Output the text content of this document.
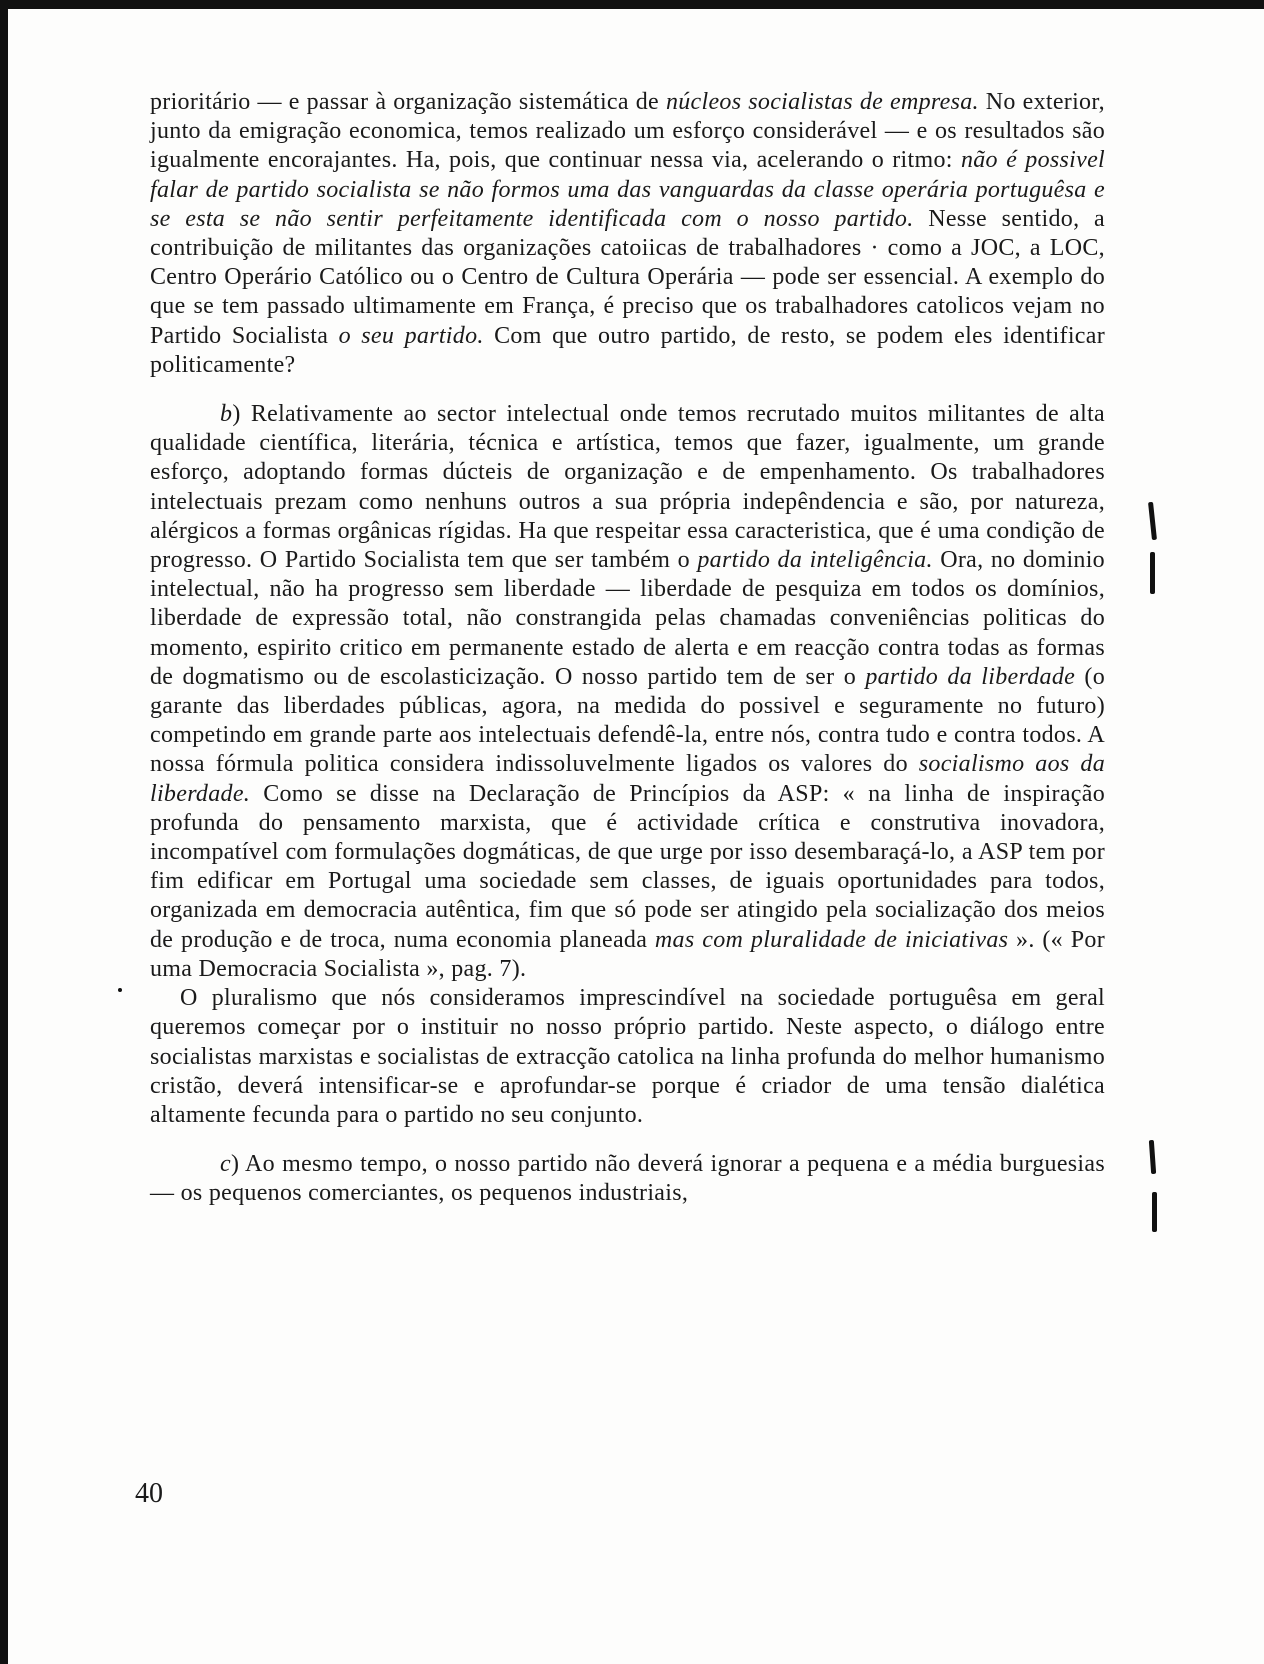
prioritário — e passar à organização sistemática de núcleos socialistas de empresa. No exterior, junto da emigração economica, temos realizado um esforço considerável — e os resultados são igualmente encorajantes. Ha, pois, que continuar nessa via, acelerando o ritmo: não é possivel falar de partido socialista se não formos uma das vanguardas da classe operária portuguêsa e se esta se não sentir perfeitamente identificada com o nosso partido. Nesse sentido, a contribuição de militantes das organizações catoiicas de trabalhadores · como a JOC, a LOC, Centro Operário Católico ou o Centro de Cultura Operária — pode ser essencial. A exemplo do que se tem passado ultimamente em França, é preciso que os trabalhadores catolicos vejam no Partido Socialista o seu partido. Com que outro partido, de resto, se podem eles identificar politicamente?

b) Relativamente ao sector intelectual onde temos recrutado muitos militantes de alta qualidade científica, literária, técnica e artística, temos que fazer, igualmente, um grande esforço, adoptando formas dúcteis de organização e de empenhamento. Os trabalhadores intelectuais prezam como nenhuns outros a sua própria indepêndencia e são, por natureza, alérgicos a formas orgânicas rígidas. Ha que respeitar essa caracteristica, que é uma condição de progresso. O Partido Socialista tem que ser também o partido da inteligência. Ora, no dominio intelectual, não ha progresso sem liberdade — liberdade de pesquiza em todos os domínios, liberdade de expressão total, não constrangida pelas chamadas conveniências politicas do momento, espirito critico em permanente estado de alerta e em reacção contra todas as formas de dogmatismo ou de escolasticização. O nosso partido tem de ser o partido da liberdade (o garante das liberdades públicas, agora, na medida do possivel e seguramente no futuro) competindo em grande parte aos intelectuais defendê-la, entre nós, contra tudo e contra todos. A nossa fórmula politica considera indissoluvelmente ligados os valores do socialismo aos da liberdade. Como se disse na Declaração de Princípios da ASP: « na linha de inspiração profunda do pensamento marxista, que é actividade crítica e construtiva inovadora, incompatível com formulações dogmáticas, de que urge por isso desembaraçá-lo, a ASP tem por fim edificar em Portugal uma sociedade sem classes, de iguais oportunidades para todos, organizada em democracia autêntica, fim que só pode ser atingido pela socialização dos meios de produção e de troca, numa economia planeada mas com pluralidade de iniciativas ». (« Por uma Democracia Socialista », pag. 7).

O pluralismo que nós consideramos imprescindível na sociedade portuguêsa em geral queremos começar por o instituir no nosso próprio partido. Neste aspecto, o diálogo entre socialistas marxistas e socialistas de extracção catolica na linha profunda do melhor humanismo cristão, deverá intensificar-se e aprofundar-se porque é criador de uma tensão dialética altamente fecunda para o partido no seu conjunto.

c) Ao mesmo tempo, o nosso partido não deverá ignorar a pequena e a média burguesias — os pequenos comerciantes, os pequenos industriais,

40
